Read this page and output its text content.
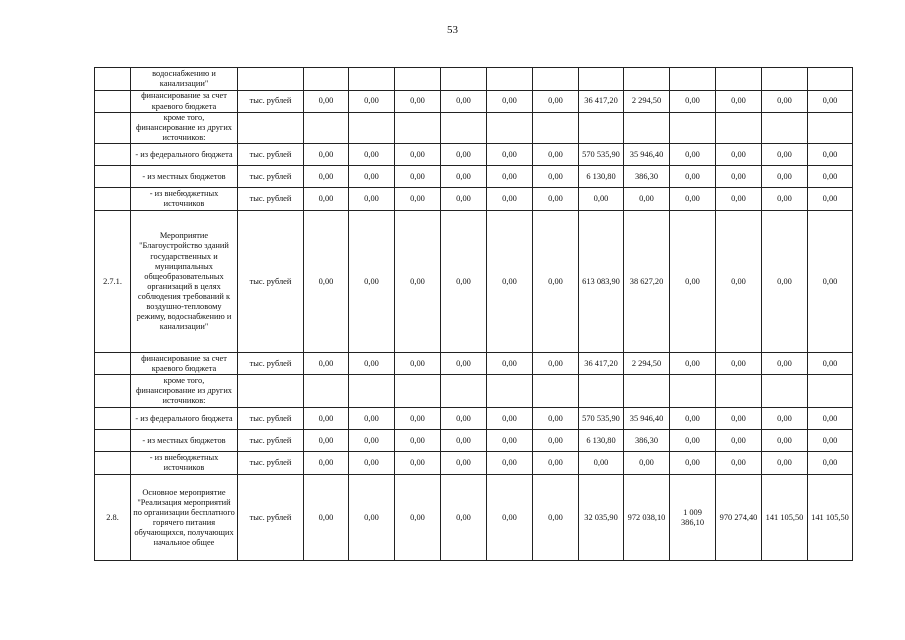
53
	водоснабжению и канализации"													
	финансирование за счет краевого бюджета	тыс. рублей	0,00	0,00	0,00	0,00	0,00	0,00	36 417,20	2 294,50	0,00	0,00	0,00	0,00
	кроме того, финансирование из других источников:													
	- из федерального бюджета	тыс. рублей	0,00	0,00	0,00	0,00	0,00	0,00	570 535,90	35 946,40	0,00	0,00	0,00	0,00
	- из местных бюджетов	тыс. рублей	0,00	0,00	0,00	0,00	0,00	0,00	6 130,80	386,30	0,00	0,00	0,00	0,00
	- из внебюджетных источников	тыс. рублей	0,00	0,00	0,00	0,00	0,00	0,00	0,00	0,00	0,00	0,00	0,00	0,00
2.7.1.	Мероприятие "Благоустройство зданий государственных и муниципальных общеобразовательных организаций в целях соблюдения требований к воздушно-тепловому режиму, водоснабжению и канализации"	тыс. рублей	0,00	0,00	0,00	0,00	0,00	0,00	613 083,90	38 627,20	0,00	0,00	0,00	0,00
	финансирование за счет краевого бюджета	тыс. рублей	0,00	0,00	0,00	0,00	0,00	0,00	36 417,20	2 294,50	0,00	0,00	0,00	0,00
	кроме того, финансирование из других источников:													
	- из федерального бюджета	тыс. рублей	0,00	0,00	0,00	0,00	0,00	0,00	570 535,90	35 946,40	0,00	0,00	0,00	0,00
	- из местных бюджетов	тыс. рублей	0,00	0,00	0,00	0,00	0,00	0,00	6 130,80	386,30	0,00	0,00	0,00	0,00
	- из внебюджетных источников	тыс. рублей	0,00	0,00	0,00	0,00	0,00	0,00	0,00	0,00	0,00	0,00	0,00	0,00
2.8.	Основное мероприятие "Реализация мероприятий по организации бесплатного горячего питания обучающихся, получающих начальное общее	тыс. рублей	0,00	0,00	0,00	0,00	0,00	0,00	32 035,90	972 038,10	1 009 386,10	970 274,40	141 105,50	141 105,50
